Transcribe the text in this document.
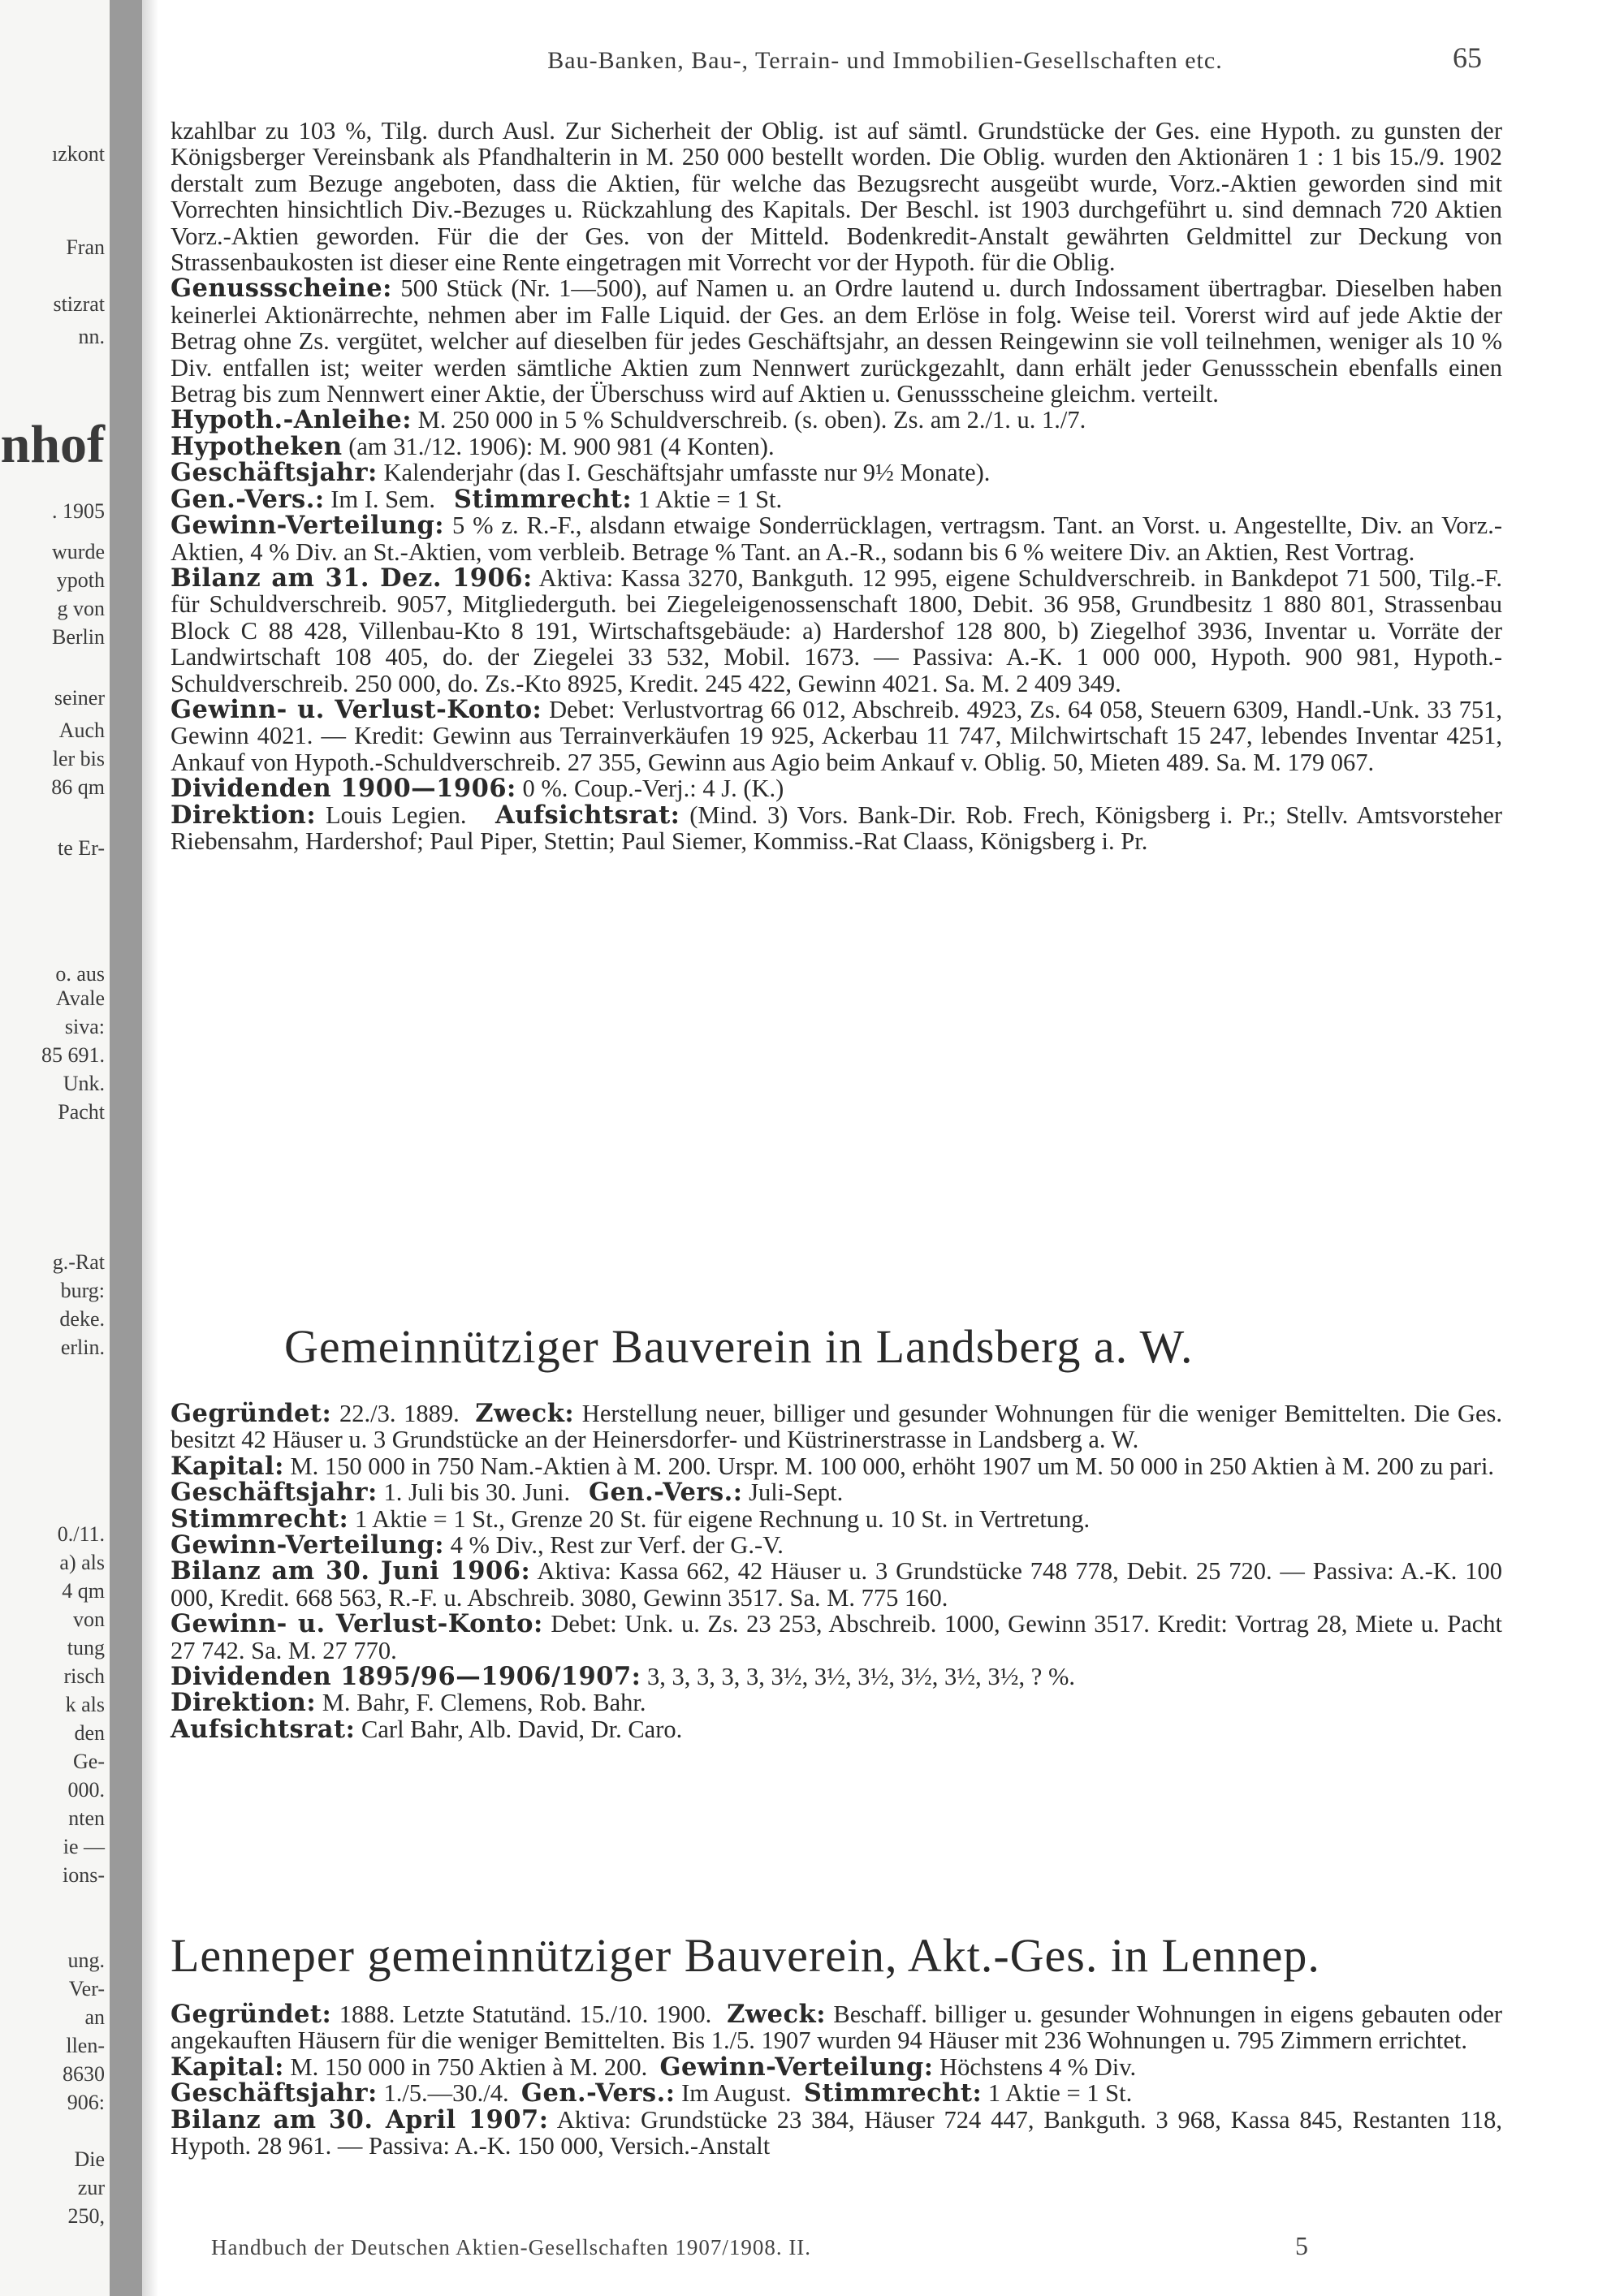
ızkont
Fran
stizrat
nn.
nhof
. 1905
wurde
ypoth
g von
Berlin
seiner
Auch
ler bis
86 qm
te Er-
o. aus
Avale
siva:
85 691.
Unk.
Pacht
g.-Rat
burg:
deke.
erlin.
0./11.
a) als
4 qm
von
tung
risch
k als
den
Ge-
000.
nten
ie —
ions-
ung.
Ver-
an
llen-
8630
906:
Die
zur
250,
Bau-Banken, Bau-, Terrain- und Immobilien-Gesellschaften etc.	65

kzahlbar zu 103 %, Tilg. durch Ausl. Zur Sicherheit der Oblig. ist auf sämtl. Grundstücke der Ges. eine Hypoth. zu gunsten der Königsberger Vereinsbank als Pfandhalterin in M. 250 000 bestellt worden. Die Oblig. wurden den Aktionären 1 : 1 bis 15./9. 1902 derstalt zum Bezuge angeboten, dass die Aktien, für welche das Bezugsrecht ausgeübt wurde, Vorz.-Aktien geworden sind mit Vorrechten hinsichtlich Div.-Bezuges u. Rückzahlung des Kapitals. Der Beschl. ist 1903 durchgeführt u. sind demnach 720 Aktien Vorz.-Aktien geworden. Für die der Ges. von der Mitteld. Bodenkredit-Anstalt gewährten Geldmittel zur Deckung von Strassenbaukosten ist dieser eine Rente eingetragen mit Vorrecht vor der Hypoth. für die Oblig.

Genussscheine: 500 Stück (Nr. 1—500), auf Namen u. an Ordre lautend u. durch Indossament übertragbar. Dieselben haben keinerlei Aktionärrechte, nehmen aber im Falle Liquid. der Ges. an dem Erlöse in folg. Weise teil. Vorerst wird auf jede Aktie der Betrag ohne Zs. vergütet, welcher auf dieselben für jedes Geschäftsjahr, an dessen Reingewinn sie voll teilnehmen, weniger als 10 % Div. entfallen ist; weiter werden sämtliche Aktien zum Nennwert zurückgezahlt, dann erhält jeder Genussschein ebenfalls einen Betrag bis zum Nennwert einer Aktie, der Überschuss wird auf Aktien u. Genussscheine gleichm. verteilt.

Hypoth.-Anleihe: M. 250 000 in 5 % Schuldverschreib. (s. oben). Zs. am 2./1. u. 1./7.

Hypotheken (am 31./12. 1906): M. 900 981 (4 Konten).

Geschäftsjahr: Kalenderjahr (das I. Geschäftsjahr umfasste nur 9½ Monate).

Gen.-Vers.: Im I. Sem. Stimmrecht: 1 Aktie = 1 St.

Gewinn-Verteilung: 5 % z. R.-F., alsdann etwaige Sonderrücklagen, vertragsm. Tant. an Vorst. u. Angestellte, Div. an Vorz.-Aktien, 4 % Div. an St.-Aktien, vom verbleib. Betrage % Tant. an A.-R., sodann bis 6 % weitere Div. an Aktien, Rest Vortrag.

Bilanz am 31. Dez. 1906: Aktiva: Kassa 3270, Bankguth. 12 995, eigene Schuldverschreib. in Bankdepot 71 500, Tilg.-F. für Schuldverschreib. 9057, Mitgliederguth. bei Ziegeleigenossenschaft 1800, Debit. 36 958, Grundbesitz 1 880 801, Strassenbau Block C 88 428, Villenbau-Kto 8 191, Wirtschaftsgebäude: a) Hardershof 128 800, b) Ziegelhof 3936, Inventar u. Vorräte der Landwirtschaft 108 405, do. der Ziegelei 33 532, Mobil. 1673. — Passiva: A.-K. 1 000 000, Hypoth. 900 981, Hypoth.-Schuldverschreib. 250 000, do. Zs.-Kto 8925, Kredit. 245 422, Gewinn 4021. Sa. M. 2 409 349.

Gewinn- u. Verlust-Konto: Debet: Verlustvortrag 66 012, Abschreib. 4923, Zs. 64 058, Steuern 6309, Handl.-Unk. 33 751, Gewinn 4021. — Kredit: Gewinn aus Terrainverkäufen 19 925, Ackerbau 11 747, Milchwirtschaft 15 247, lebendes Inventar 4251, Ankauf von Hypoth.-Schuldverschreib. 27 355, Gewinn aus Agio beim Ankauf v. Oblig. 50, Mieten 489. Sa. M. 179 067.

Dividenden 1900—1906: 0 %. Coup.-Verj.: 4 J. (K.)

Direktion: Louis Legien. Aufsichtsrat: (Mind. 3) Vors. Bank-Dir. Rob. Frech, Königsberg i. Pr.; Stellv. Amtsvorsteher Riebensahm, Hardershof; Paul Piper, Stettin; Paul Siemer, Kommiss.-Rat Claass, Königsberg i. Pr.

Gemeinnütziger Bauverein in Landsberg a. W.

Gegründet: 22./3. 1889. Zweck: Herstellung neuer, billiger und gesunder Wohnungen für die weniger Bemittelten. Die Ges. besitzt 42 Häuser u. 3 Grundstücke an der Heinersdorfer- und Küstrinerstrasse in Landsberg a. W.

Kapital: M. 150 000 in 750 Nam.-Aktien à M. 200. Urspr. M. 100 000, erhöht 1907 um M. 50 000 in 250 Aktien à M. 200 zu pari.

Geschäftsjahr: 1. Juli bis 30. Juni. Gen.-Vers.: Juli-Sept.

Stimmrecht: 1 Aktie = 1 St., Grenze 20 St. für eigene Rechnung u. 10 St. in Vertretung.

Gewinn-Verteilung: 4 % Div., Rest zur Verf. der G.-V.

Bilanz am 30. Juni 1906: Aktiva: Kassa 662, 42 Häuser u. 3 Grundstücke 748 778, Debit. 25 720. — Passiva: A.-K. 100 000, Kredit. 668 563, R.-F. u. Abschreib. 3080, Gewinn 3517. Sa. M. 775 160.

Gewinn- u. Verlust-Konto: Debet: Unk. u. Zs. 23 253, Abschreib. 1000, Gewinn 3517. Kredit: Vortrag 28, Miete u. Pacht 27 742. Sa. M. 27 770.

Dividenden 1895/96—1906/1907: 3, 3, 3, 3, 3, 3½, 3½, 3½, 3½, 3½, 3½, ? %.

Direktion: M. Bahr, F. Clemens, Rob. Bahr.

Aufsichtsrat: Carl Bahr, Alb. David, Dr. Caro.

Lenneper gemeinnütziger Bauverein, Akt.-Ges. in Lennep.

Gegründet: 1888. Letzte Statutänd. 15./10. 1900. Zweck: Beschaff. billiger u. gesunder Wohnungen in eigens gebauten oder angekauften Häusern für die weniger Bemittelten. Bis 1./5. 1907 wurden 94 Häuser mit 236 Wohnungen u. 795 Zimmern errichtet.

Kapital: M. 150 000 in 750 Aktien à M. 200. Gewinn-Verteilung: Höchstens 4 % Div.

Geschäftsjahr: 1./5.—30./4. Gen.-Vers.: Im August. Stimmrecht: 1 Aktie = 1 St.

Bilanz am 30. April 1907: Aktiva: Grundstücke 23 384, Häuser 724 447, Bankguth. 3 968, Kassa 845, Restanten 118, Hypoth. 28 961. — Passiva: A.-K. 150 000, Versich.-Anstalt

Handbuch der Deutschen Aktien-Gesellschaften 1907/1908. II.	5
